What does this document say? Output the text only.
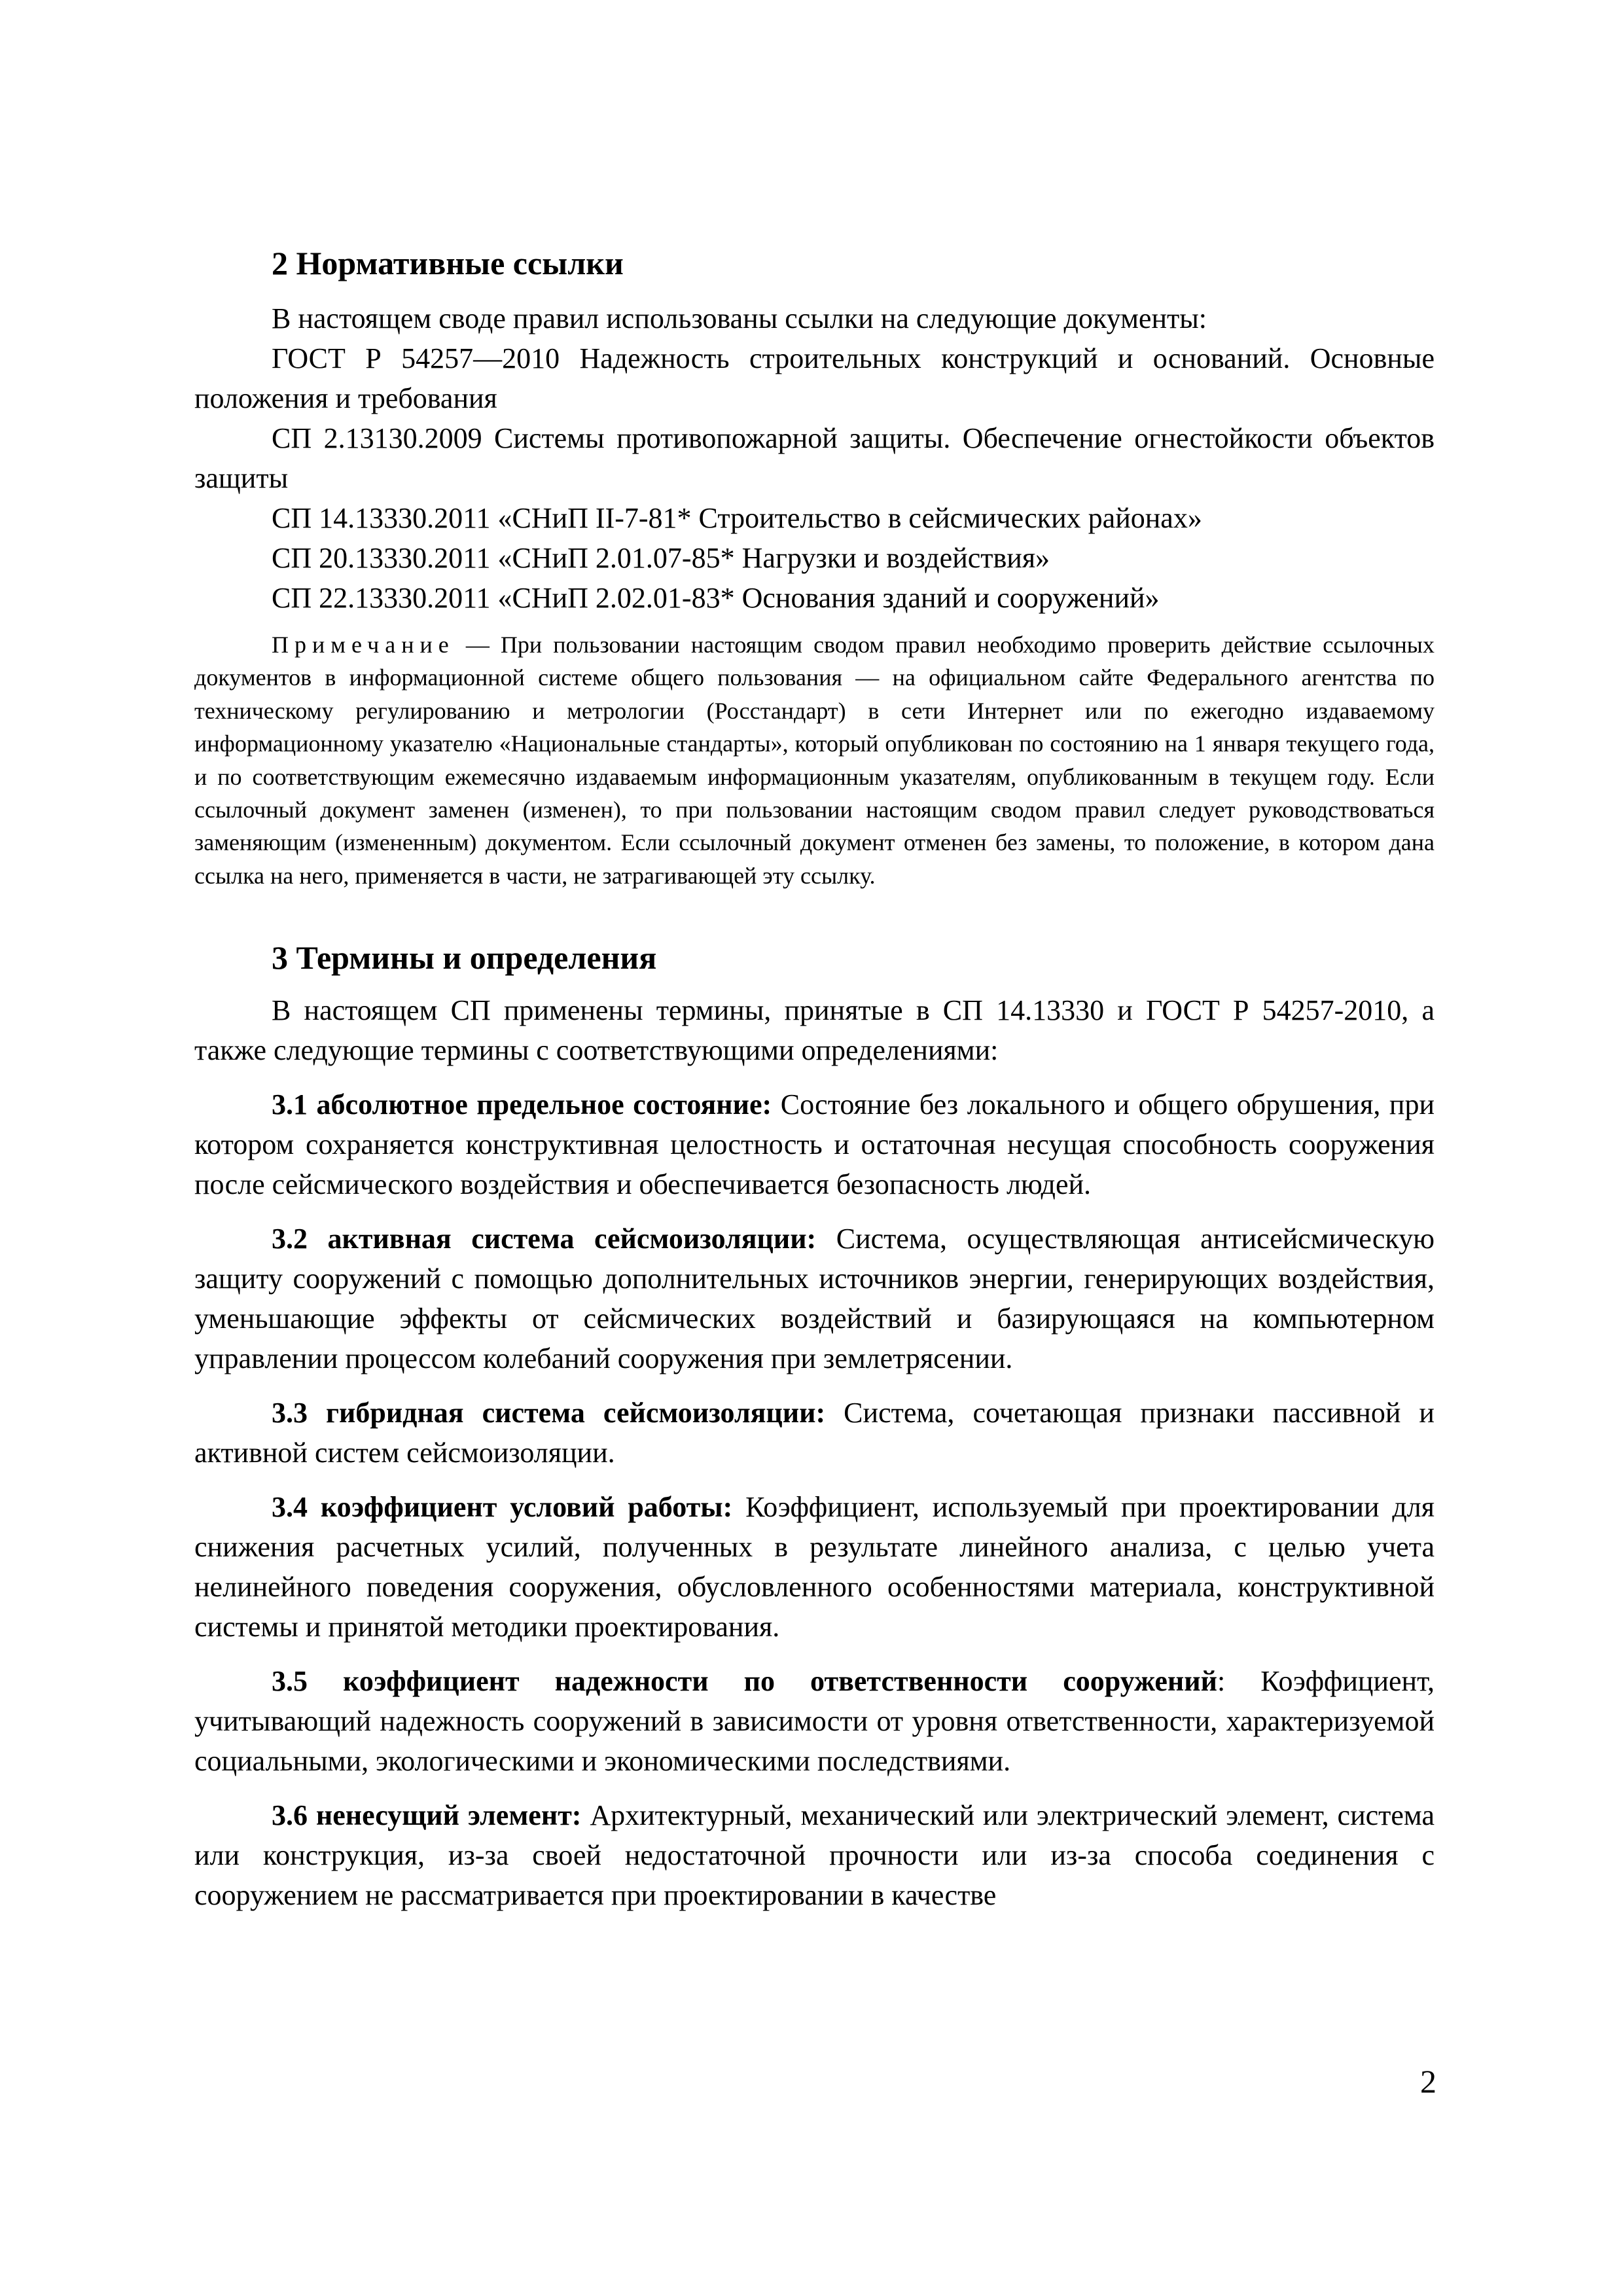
2 Нормативные ссылки

В настоящем своде правил использованы ссылки на следующие документы:

ГОСТ Р 54257—2010 Надежность строительных конструкций и оснований. Основные положения и требования

СП 2.13130.2009 Системы противопожарной защиты. Обеспечение огнестойкости объектов защиты

СП 14.13330.2011 «СНиП II-7-81* Строительство в сейсмических районах»

СП 20.13330.2011 «СНиП 2.01.07-85* Нагрузки и воздействия»

СП 22.13330.2011 «СНиП 2.02.01-83* Основания зданий и сооружений»

Примечание — При пользовании настоящим сводом правил необходимо проверить действие ссылочных документов в информационной системе общего пользования — на официальном сайте Федерального агентства по техническому регулированию и метрологии (Росстандарт) в сети Интернет или по ежегодно издаваемому информационному указателю «Национальные стандарты», который опубликован по состоянию на 1 января текущего года, и по соответствующим ежемесячно издаваемым информационным указателям, опубликованным в текущем году. Если ссылочный документ заменен (изменен), то при пользовании настоящим сводом правил следует руководствоваться заменяющим (измененным) документом. Если ссылочный документ отменен без замены, то положение, в котором дана ссылка на него, применяется в части, не затрагивающей эту ссылку.

3 Термины и определения

В настоящем СП применены термины, принятые в СП 14.13330 и ГОСТ Р 54257-2010, а также следующие термины с соответствующими определениями:

3.1 абсолютное предельное состояние: Состояние без локального и общего обрушения, при котором сохраняется конструктивная целостность и остаточная несущая способность сооружения после сейсмического воздействия и обеспечивается безопасность людей.

3.2 активная система сейсмоизоляции: Система, осуществляющая антисейсмическую защиту сооружений с помощью дополнительных источников энергии, генерирующих воздействия, уменьшающие эффекты от сейсмических воздействий и базирующаяся на компьютерном управлении процессом колебаний сооружения при землетрясении.

3.3 гибридная система сейсмоизоляции: Система, сочетающая признаки пассивной и активной систем сейсмоизоляции.

3.4 коэффициент условий работы: Коэффициент, используемый при проектировании для снижения расчетных усилий, полученных в результате линейного анализа, с целью учета нелинейного поведения сооружения, обусловленного особенностями материала, конструктивной системы и принятой методики проектирования.

3.5 коэффициент надежности по ответственности сооружений: Коэффициент, учитывающий надежность сооружений в зависимости от уровня ответственности, характеризуемой социальными, экологическими и экономическими последствиями.

3.6 ненесущий элемент: Архитектурный, механический или электрический элемент, система или конструкция, из-за своей недостаточной прочности или из-за способа соединения с сооружением не рассматривается при проектировании в качестве

2
